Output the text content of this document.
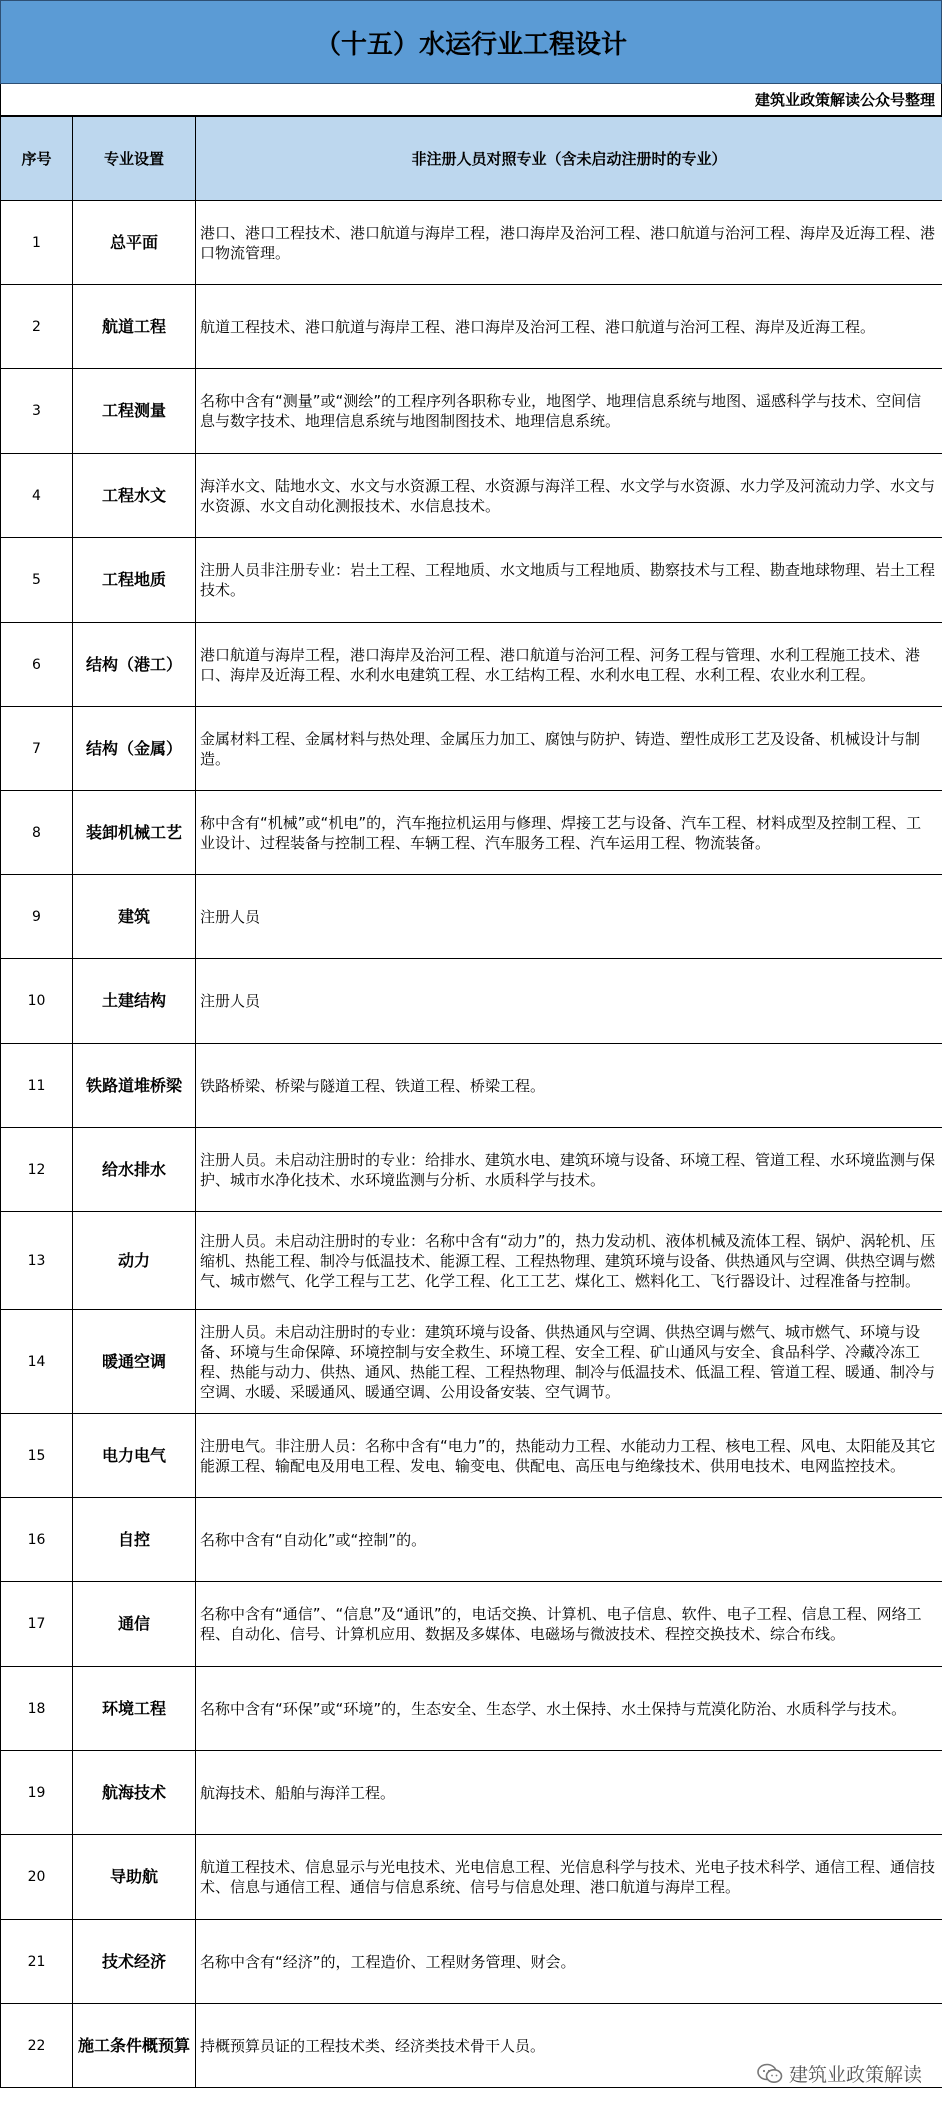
（十五）水运行业工程设计
建筑业政策解读公众号整理
序号	专业设置	非注册人员对照专业（含未启动注册时的专业）
1	总平面	港口、港口工程技术、港口航道与海岸工程，港口海岸及治河工程、港口航道与治河工程、海岸及近海工程、港口物流管理。
2	航道工程	航道工程技术、港口航道与海岸工程、港口海岸及治河工程、港口航道与治河工程、海岸及近海工程。
3	工程测量	名称中含有“测量”或“测绘”的工程序列各职称专业，地图学、地理信息系统与地图、遥感科学与技术、空间信息与数字技术、地理信息系统与地图制图技术、地理信息系统。
4	工程水文	海洋水文、陆地水文、水文与水资源工程、水资源与海洋工程、水文学与水资源、水力学及河流动力学、水文与水资源、水文自动化测报技术、水信息技术。
5	工程地质	注册人员非注册专业：岩土工程、工程地质、水文地质与工程地质、勘察技术与工程、勘查地球物理、岩土工程技术。
6	结构（港工）	港口航道与海岸工程，港口海岸及治河工程、港口航道与治河工程、河务工程与管理、水利工程施工技术、港口、海岸及近海工程、水利水电建筑工程、水工结构工程、水利水电工程、水利工程、农业水利工程。
7	结构（金属）	金属材料工程、金属材料与热处理、金属压力加工、腐蚀与防护、铸造、塑性成形工艺及设备、机械设计与制造。
8	装卸机械工艺	称中含有“机械”或“机电”的，汽车拖拉机运用与修理、焊接工艺与设备、汽车工程、材料成型及控制工程、工业设计、过程装备与控制工程、车辆工程、汽车服务工程、汽车运用工程、物流装备。
9	建筑	注册人员
10	土建结构	注册人员
11	铁路道堆桥梁	铁路桥梁、桥梁与隧道工程、铁道工程、桥梁工程。
12	给水排水	注册人员。未启动注册时的专业：给排水、建筑水电、建筑环境与设备、环境工程、管道工程、水环境监测与保护、城市水净化技术、水环境监测与分析、水质科学与技术。
13	动力	注册人员。未启动注册时的专业：名称中含有“动力”的，热力发动机、液体机械及流体工程、锅炉、涡轮机、压缩机、热能工程、制冷与低温技术、能源工程、工程热物理、建筑环境与设备、供热通风与空调、供热空调与燃气、城市燃气、化学工程与工艺、化学工程、化工工艺、煤化工、燃料化工、飞行器设计、过程准备与控制。
14	暖通空调	注册人员。未启动注册时的专业：建筑环境与设备、供热通风与空调、供热空调与燃气、城市燃气、环境与设备、环境与生命保障、环境控制与安全救生、环境工程、安全工程、矿山通风与安全、食品科学、冷藏冷冻工程、热能与动力、供热、通风、热能工程、工程热物理、制冷与低温技术、低温工程、管道工程、暖通、制冷与空调、水暖、采暖通风、暖通空调、公用设备安装、空气调节。
15	电力电气	注册电气。非注册人员：名称中含有“电力”的，热能动力工程、水能动力工程、核电工程、风电、太阳能及其它能源工程、输配电及用电工程、发电、输变电、供配电、高压电与绝缘技术、供用电技术、电网监控技术。
16	自控	名称中含有“自动化”或“控制”的。
17	通信	名称中含有“通信”、“信息”及“通讯”的，电话交换、计算机、电子信息、软件、电子工程、信息工程、网络工程、自动化、信号、计算机应用、数据及多媒体、电磁场与微波技术、程控交换技术、综合布线。
18	环境工程	名称中含有“环保”或“环境”的，生态安全、生态学、水土保持、水土保持与荒漠化防治、水质科学与技术。
19	航海技术	航海技术、船舶与海洋工程。
20	导助航	航道工程技术、信息显示与光电技术、光电信息工程、光信息科学与技术、光电子技术科学、通信工程、通信技术、信息与通信工程、通信与信息系统、信号与信息处理、港口航道与海岸工程。
21	技术经济	名称中含有“经济”的，工程造价、工程财务管理、财会。
22	施工条件概预算	持概预算员证的工程技术类、经济类技术骨干人员。
建筑业政策解读
